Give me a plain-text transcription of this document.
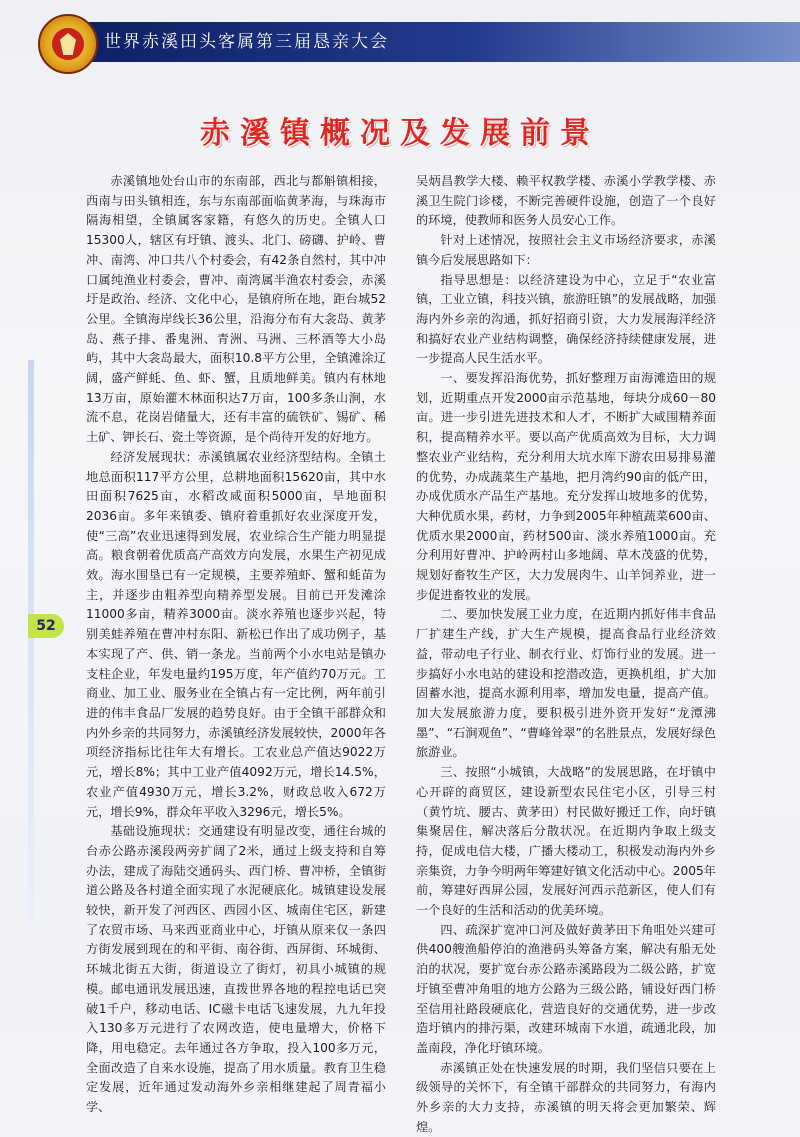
世界赤溪田头客属第三届恳亲大会
52
赤溪镇概况及发展前景

赤溪镇地处台山市的东南部，西北与都斛镇相接，西南与田头镇相连，东与东南部面临黄茅海，与珠海市隔海相望，全镇属客家籍，有悠久的历史。全镇人口15300人，辖区有圩镇、渡头、北门、磅礴、护岭、曹冲、南湾、冲口共八个村委会，有42条自然村，其中冲口属纯渔业村委会，曹冲、南湾属半渔农村委会，赤溪圩是政治、经济、文化中心，是镇府所在地，距台城52公里。全镇海岸线长36公里，沿海分布有大衾岛、黄茅岛、燕子排、番鬼洲、青洲、马洲、三杯酒等大小岛屿，其中大衾岛最大，面积10.8平方公里，全镇滩涂辽阔，盛产鲜蚝、鱼、虾、蟹，且质地鲜美。镇内有林地13万亩，原始灌木林面积达7万亩，100多条山涧，水流不息，花岗岩储量大，还有丰富的硫铁矿、锡矿、稀土矿、钾长石、瓷土等资源，是个尚待开发的好地方。

经济发展现状：赤溪镇属农业经济型结构。全镇土地总面积117平方公里，总耕地面积15620亩，其中水田面积7625亩，水稻改咸面积5000亩，旱地面积2036亩。多年来镇委、镇府着重抓好农业深度开发，使“三高”农业迅速得到发展，农业综合生产能力明显提高。粮食朝着优质高产高效方向发展，水果生产初见成效。海水围垦已有一定规模，主要养殖虾、蟹和蚝苗为主，并逐步由粗养型向精养型发展。目前已开发滩涂11000多亩，精养3000亩。淡水养殖也逐步兴起，特别美蛙养殖在曹冲村东阳、新松已作出了成功例子，基本实现了产、供、销一条龙。当前两个小水电站是镇办支柱企业，年发电量约195万度，年产值约70万元。工商业、加工业、服务业在全镇占有一定比例，两年前引进的伟丰食品厂发展的趋势良好。由于全镇干部群众和内外乡亲的共同努力，赤溪镇经济发展较快，2000年各项经济指标比往年大有增长。工农业总产值达9022万元，增长8%；其中工业产值4092万元，增长14.5%，农业产值4930万元，增长3.2%，财政总收入672万元，增长9%，群众年平收入3296元，增长5%。

基础设施现状：交通建设有明显改变，通往台城的台赤公路赤溪段两旁扩阔了2米，通过上级支持和自筹办法，建成了海陆交通码头、西门桥、曹冲桥，全镇街道公路及各村道全面实现了水泥硬底化。城镇建设发展较快，新开发了河西区、西园小区、城南住宅区，新建了农贸市场、马来西亚商业中心，圩镇从原来仅一条四方街发展到现在的和平街、南谷街、西屏街、环城街、环城北街五大街，街道设立了街灯，初具小城镇的规模。邮电通讯发展迅速，直拨世界各地的程控电话已突破1千户，移动电话、IC磁卡电话飞速发展，九九年投入130多万元进行了农网改造，使电量增大，价格下降，用电稳定。去年通过各方争取，投入100多万元，全面改造了自来水设施，提高了用水质量。教育卫生稳定发展，近年通过发动海外乡亲相继建起了周青福小学、

吴炳昌教学大楼、赖平权教学楼、赤溪小学教学楼、赤溪卫生院门诊楼，不断完善硬件设施，创造了一个良好的环境，使教师和医务人员安心工作。

针对上述情况，按照社会主义市场经济要求，赤溪镇今后发展思路如下：

指导思想是：以经济建设为中心，立足于“农业富镇，工业立镇，科技兴镇，旅游旺镇”的发展战略，加强海内外乡亲的沟通，抓好招商引资，大力发展海洋经济和搞好农业产业结构调整，确保经济持续健康发展，进一步提高人民生活水平。

一、要发挥沿海优势，抓好整理万亩海滩造田的规划，近期重点开发2000亩示范基地，每块分成60－80亩。进一步引进先进技术和人才，不断扩大咸围精养面积，提高精养水平。要以高产优质高效为目标，大力调整农业产业结构，充分利用大坑水库下游农田易排易灌的优势，办成蔬菜生产基地，把月湾约90亩的低产田，办成优质水产品生产基地。充分发挥山坡地多的优势，大种优质水果，药材，力争到2005年种植蔬菜600亩、优质水果2000亩，药材500亩、淡水养殖1000亩。充分利用好曹冲、护岭两村山多地阔、草木茂盛的优势，规划好畜牧生产区，大力发展肉牛、山羊饲养业，进一步促进畜牧业的发展。

二、要加快发展工业力度，在近期内抓好伟丰食品厂扩建生产线，扩大生产规模，提高食品行业经济效益，带动电子行业、制衣行业、灯饰行业的发展。进一步搞好小水电站的建设和挖潜改造，更换机组，扩大加固蓄水池，提高水源利用率，增加发电量，提高产值。加大发展旅游力度，要积极引进外资开发好“龙潭沸墨”、“石涧观鱼”、“曹峰耸翠”的名胜景点，发展好绿色旅游业。

三、按照“小城镇，大战略”的发展思路，在圩镇中心开辟的商贸区，建设新型农民住宅小区，引导三村（黄竹坑、腰古、黄茅田）村民做好搬迁工作，向圩镇集聚居住，解决落后分散状况。在近期内争取上级支持，促成电信大楼，广播大楼动工，积极发动海内外乡亲集资，力争今明两年筹建好镇文化活动中心。2005年前，筹建好西屏公园，发展好河西示范新区，使人们有一个良好的生活和活动的优美环境。

四、疏深扩宽冲口河及做好黄茅田下角咀处兴建可供400艘渔船停泊的渔港码头筹备方案，解决有船无处泊的状况，要扩宽台赤公路赤溪路段为二级公路，扩宽圩镇至曹冲角咀的地方公路为三级公路，铺设好西门桥至信用社路段硬底化，营造良好的交通优势，进一步改造圩镇内的排污渠，改建环城南下水道，疏通北段，加盖南段，净化圩镇环境。

赤溪镇正处在快速发展的时期，我们坚信只要在上级领导的关怀下，有全镇干部群众的共同努力，有海内外乡亲的大力支持，赤溪镇的明天将会更加繁荣、辉煌。
